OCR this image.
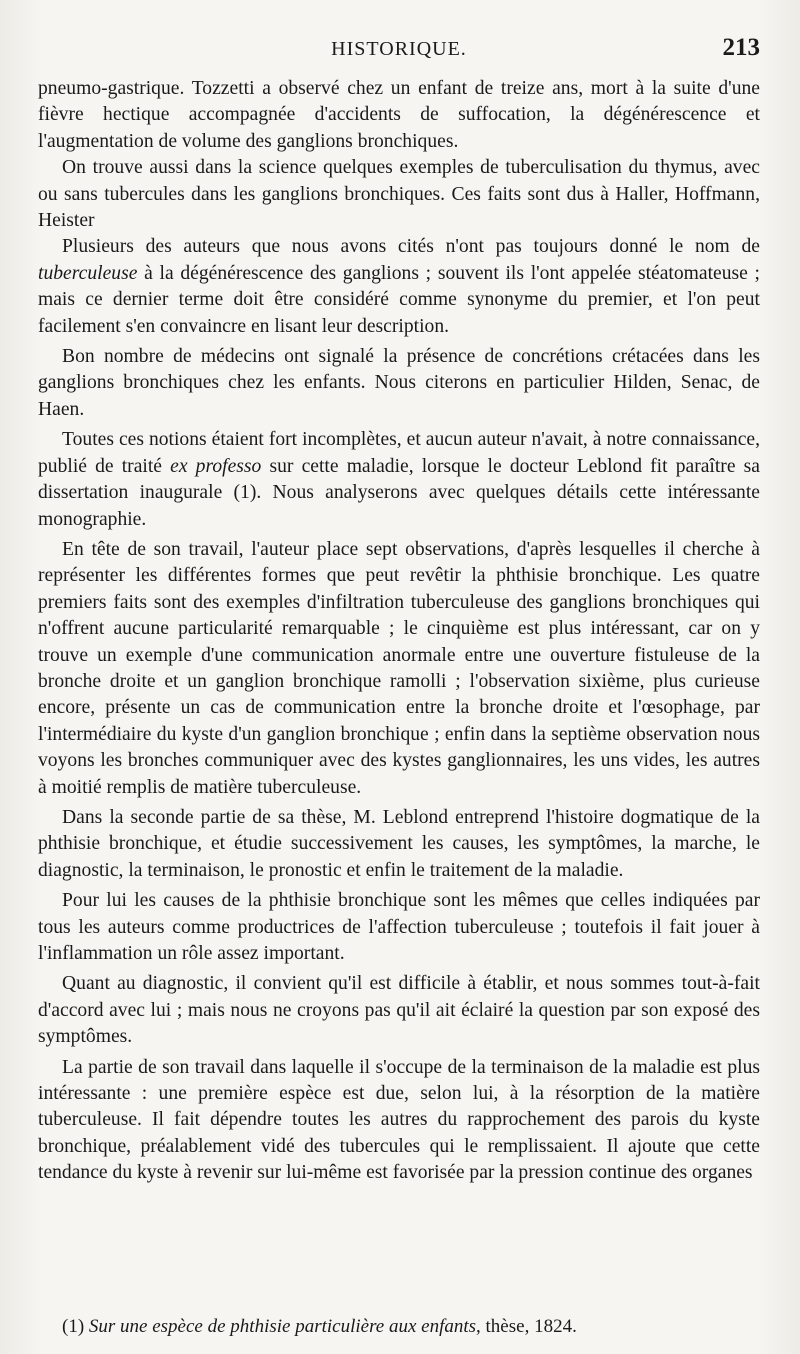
HISTORIQUE.	213

pneumo-gastrique. Tozzetti a observé chez un enfant de treize ans, mort à la suite d'une fièvre hectique accompagnée d'accidents de suffocation, la dégénérescence et l'augmentation de volume des ganglions bronchiques.

On trouve aussi dans la science quelques exemples de tuberculisation du thymus, avec ou sans tubercules dans les ganglions bronchiques. Ces faits sont dus à Haller, Hoffmann, Heister

Plusieurs des auteurs que nous avons cités n'ont pas toujours donné le nom de tuberculeuse à la dégénérescence des ganglions ; souvent ils l'ont appelée stéatomateuse ; mais ce dernier terme doit être considéré comme synonyme du premier, et l'on peut facilement s'en convaincre en lisant leur description.

Bon nombre de médecins ont signalé la présence de concrétions crétacées dans les ganglions bronchiques chez les enfants. Nous citerons en particulier Hilden, Senac, de Haen.

Toutes ces notions étaient fort incomplètes, et aucun auteur n'avait, à notre connaissance, publié de traité ex professo sur cette maladie, lorsque le docteur Leblond fit paraître sa dissertation inaugurale (1). Nous analyserons avec quelques détails cette intéressante monographie.

En tête de son travail, l'auteur place sept observations, d'après lesquelles il cherche à représenter les différentes formes que peut revêtir la phthisie bronchique. Les quatre premiers faits sont des exemples d'infiltration tuberculeuse des ganglions bronchiques qui n'offrent aucune particularité remarquable ; le cinquième est plus intéressant, car on y trouve un exemple d'une communication anormale entre une ouverture fistuleuse de la bronche droite et un ganglion bronchique ramolli ; l'observation sixième, plus curieuse encore, présente un cas de communication entre la bronche droite et l'œsophage, par l'intermédiaire du kyste d'un ganglion bronchique ; enfin dans la septième observation nous voyons les bronches communiquer avec des kystes ganglionnaires, les uns vides, les autres à moitié remplis de matière tuberculeuse.

Dans la seconde partie de sa thèse, M. Leblond entreprend l'histoire dogmatique de la phthisie bronchique, et étudie successivement les causes, les symptômes, la marche, le diagnostic, la terminaison, le pronostic et enfin le traitement de la maladie.

Pour lui les causes de la phthisie bronchique sont les mêmes que celles indiquées par tous les auteurs comme productrices de l'affection tuberculeuse ; toutefois il fait jouer à l'inflammation un rôle assez important.

Quant au diagnostic, il convient qu'il est difficile à établir, et nous sommes tout-à-fait d'accord avec lui ; mais nous ne croyons pas qu'il ait éclairé la question par son exposé des symptômes.

La partie de son travail dans laquelle il s'occupe de la terminaison de la maladie est plus intéressante : une première espèce est due, selon lui, à la résorption de la matière tuberculeuse. Il fait dépendre toutes les autres du rapprochement des parois du kyste bronchique, préalablement vidé des tubercules qui le remplissaient. Il ajoute que cette tendance du kyste à revenir sur lui-même est favorisée par la pression continue des organes

(1) Sur une espèce de phthisie particulière aux enfants, thèse, 1824.
